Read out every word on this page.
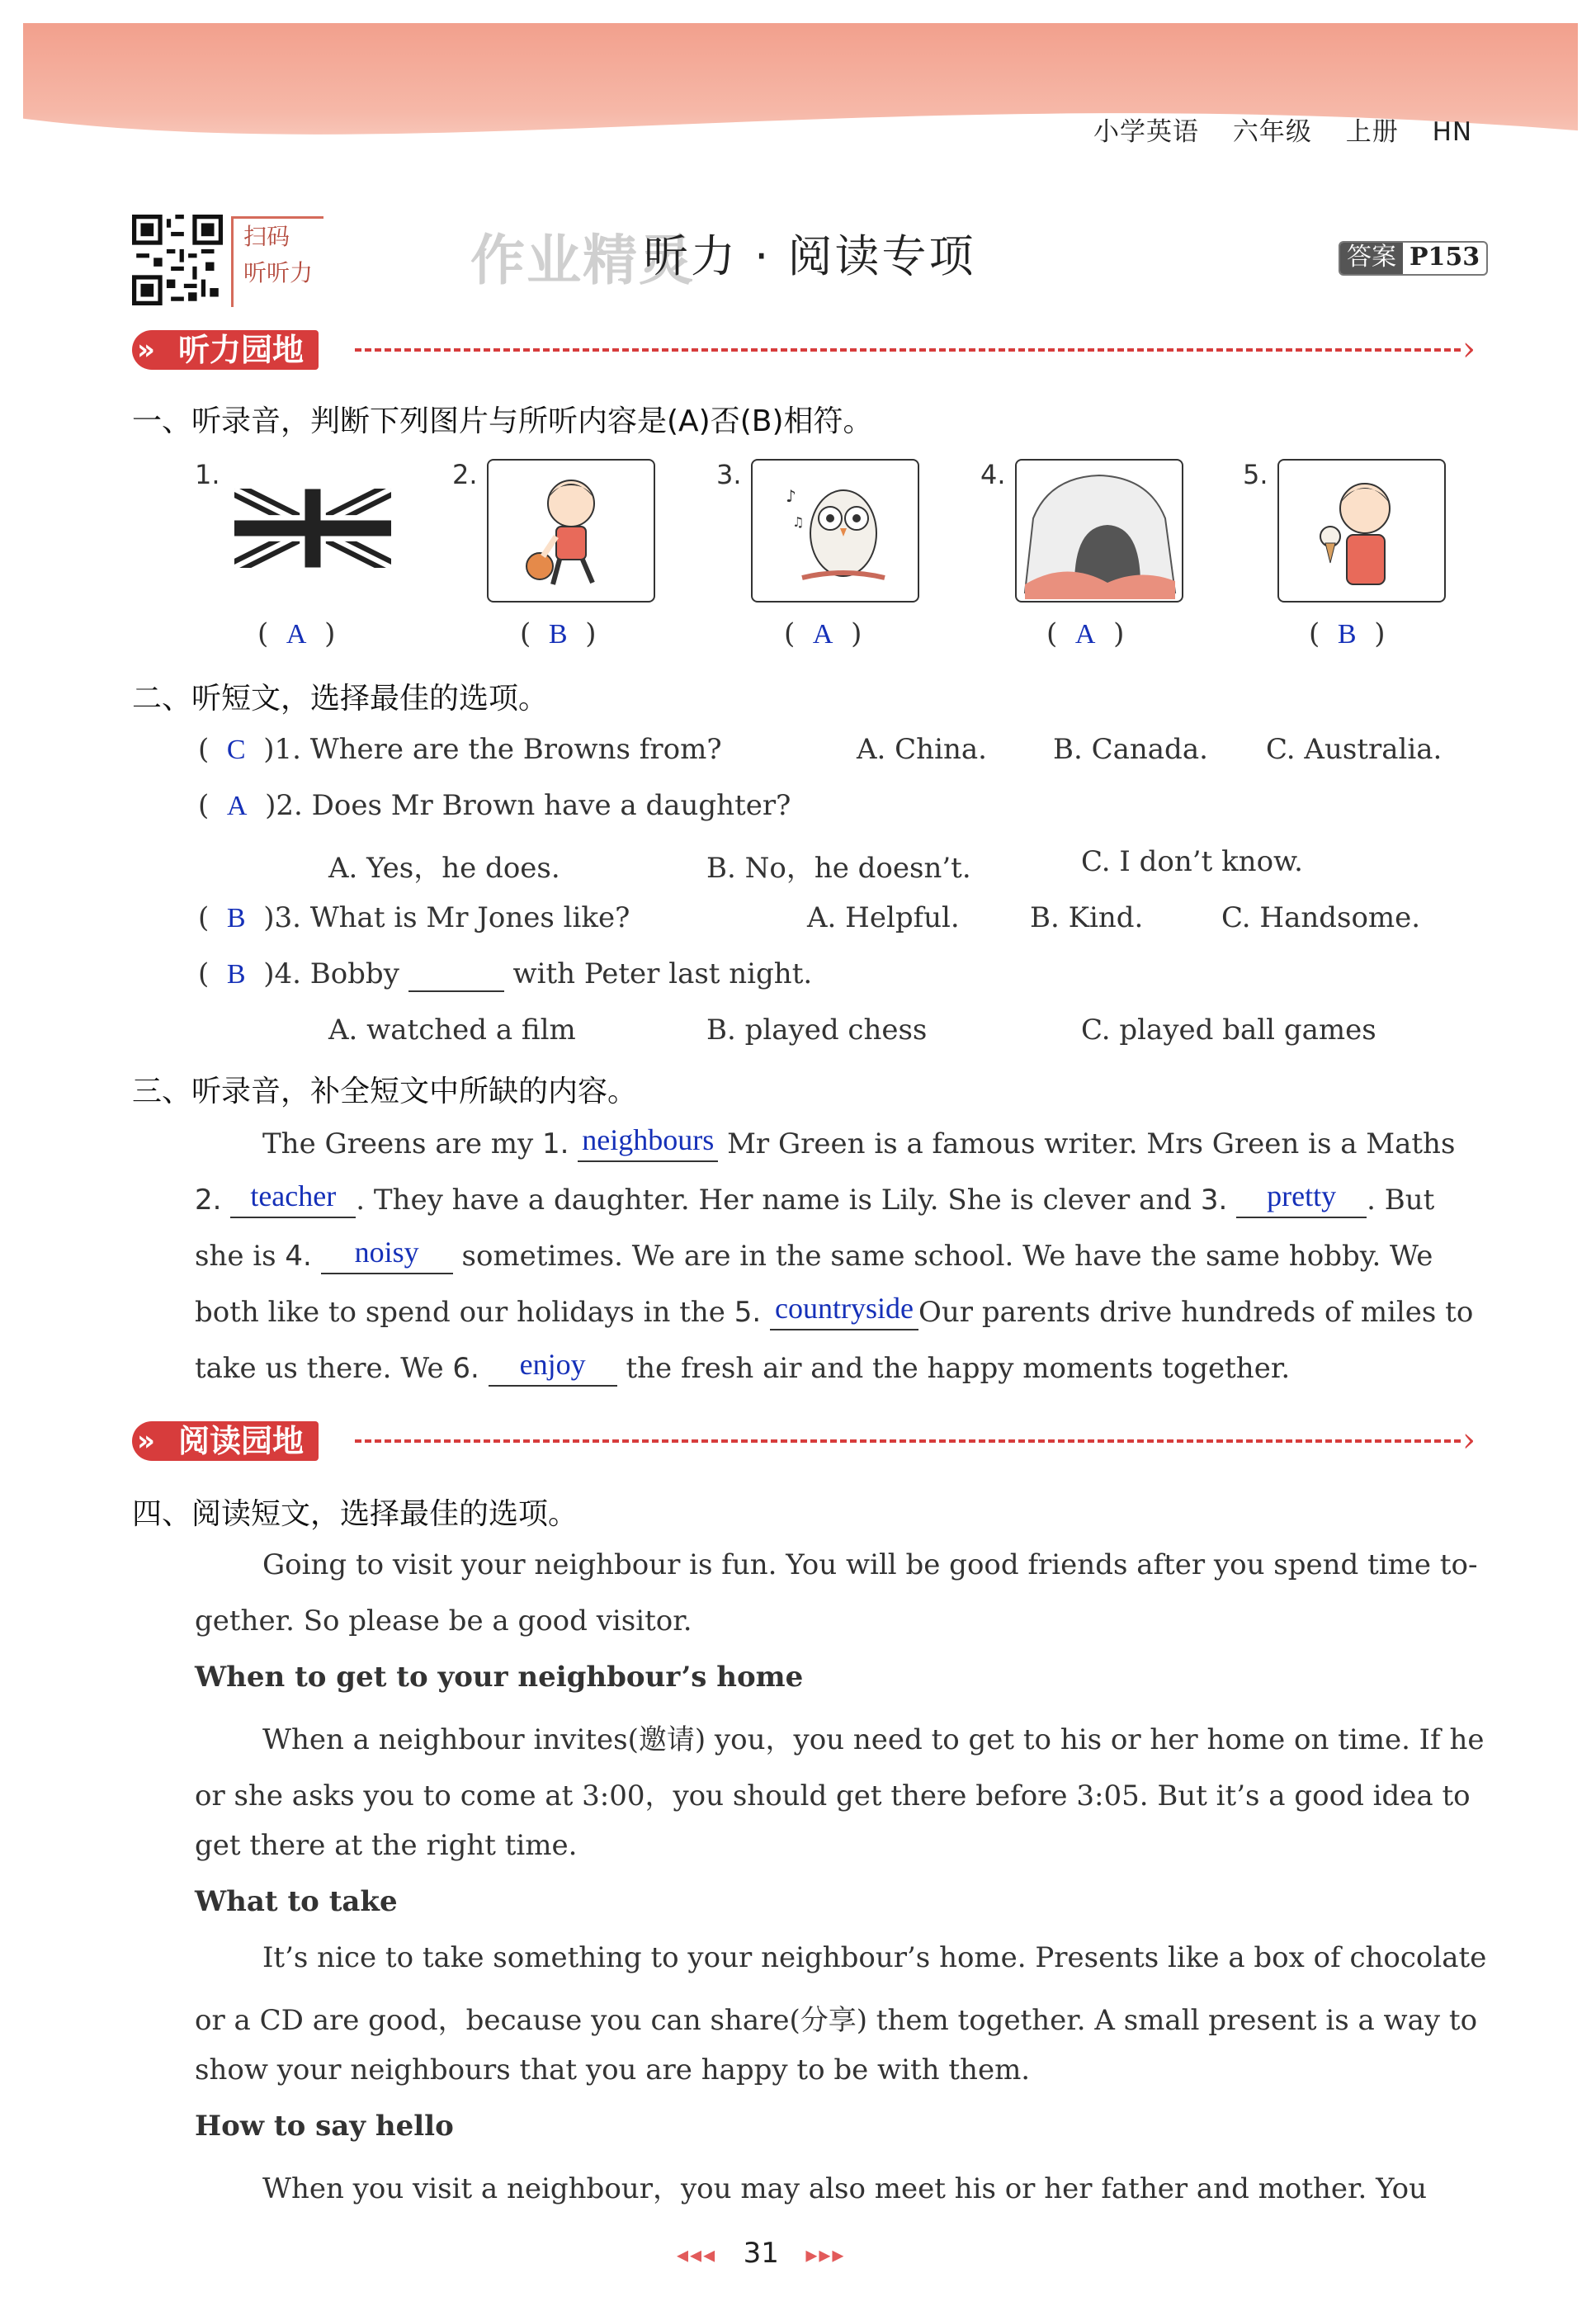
小学英语 六年级 上册 HN
扫码
听听力	作业精灵
听力 · 阅读专项	答案 P153
» 听力园地	›
一、听录音，判断下列图片与所听内容是(A)否(B)相符。
1.	2.	3.
♪
♫
4.	5.
(  A  )	(  B  )	(  A  )	(  A  )	(  B  )
二、听短文，选择最佳的选项。
(  C )1. Where are the Browns from?	A. China. B. Canada. C. Australia.
(  A )2. Does Mr Brown have a daughter?
A. Yes，he does.	B. No，he doesn’t.	C. I don’t know.
(  B )3. What is Mr Jones like?	A. Helpful.	B. Kind.	C. Handsome.
(  B )4. Bobby	with Peter last night.
A. watched a film	B. played chess	C. played ball games
三、听录音，补全短文中所缺的内容。
The Greens are my 1. neighbours Mr Green is a famous writer. Mrs Green is a Maths
2. teacher . They have a daughter. Her name is Lily. She is clever and 3. pretty . But
she is 4. noisy sometimes. We are in the same school. We have the same hobby. We
both like to spend our holidays in the 5. countryside Our parents drive hundreds of miles to
take us there. We 6. enjoy the fresh air and the happy moments together.
» 阅读园地	›
四、阅读短文，选择最佳的选项。
Going to visit your neighbour is fun. You will be good friends after you spend time to-
gether. So please be a good visitor.
When to get to your neighbour’s home
When a neighbour invites(邀请) you，you need to get to his or her home on time. If he
or she asks you to come at 3:00，you should get there before 3:05. But it’s a good idea to
get there at the right time.
What to take
It’s nice to take something to your neighbour’s home. Presents like a box of chocolate
or a CD are good，because you can share(分享) them together. A small present is a way to
show your neighbours that you are happy to be with them.
How to say hello
When you visit a neighbour，you may also meet his or her father and mother. You
◂◂◂ 31 ▸▸▸
